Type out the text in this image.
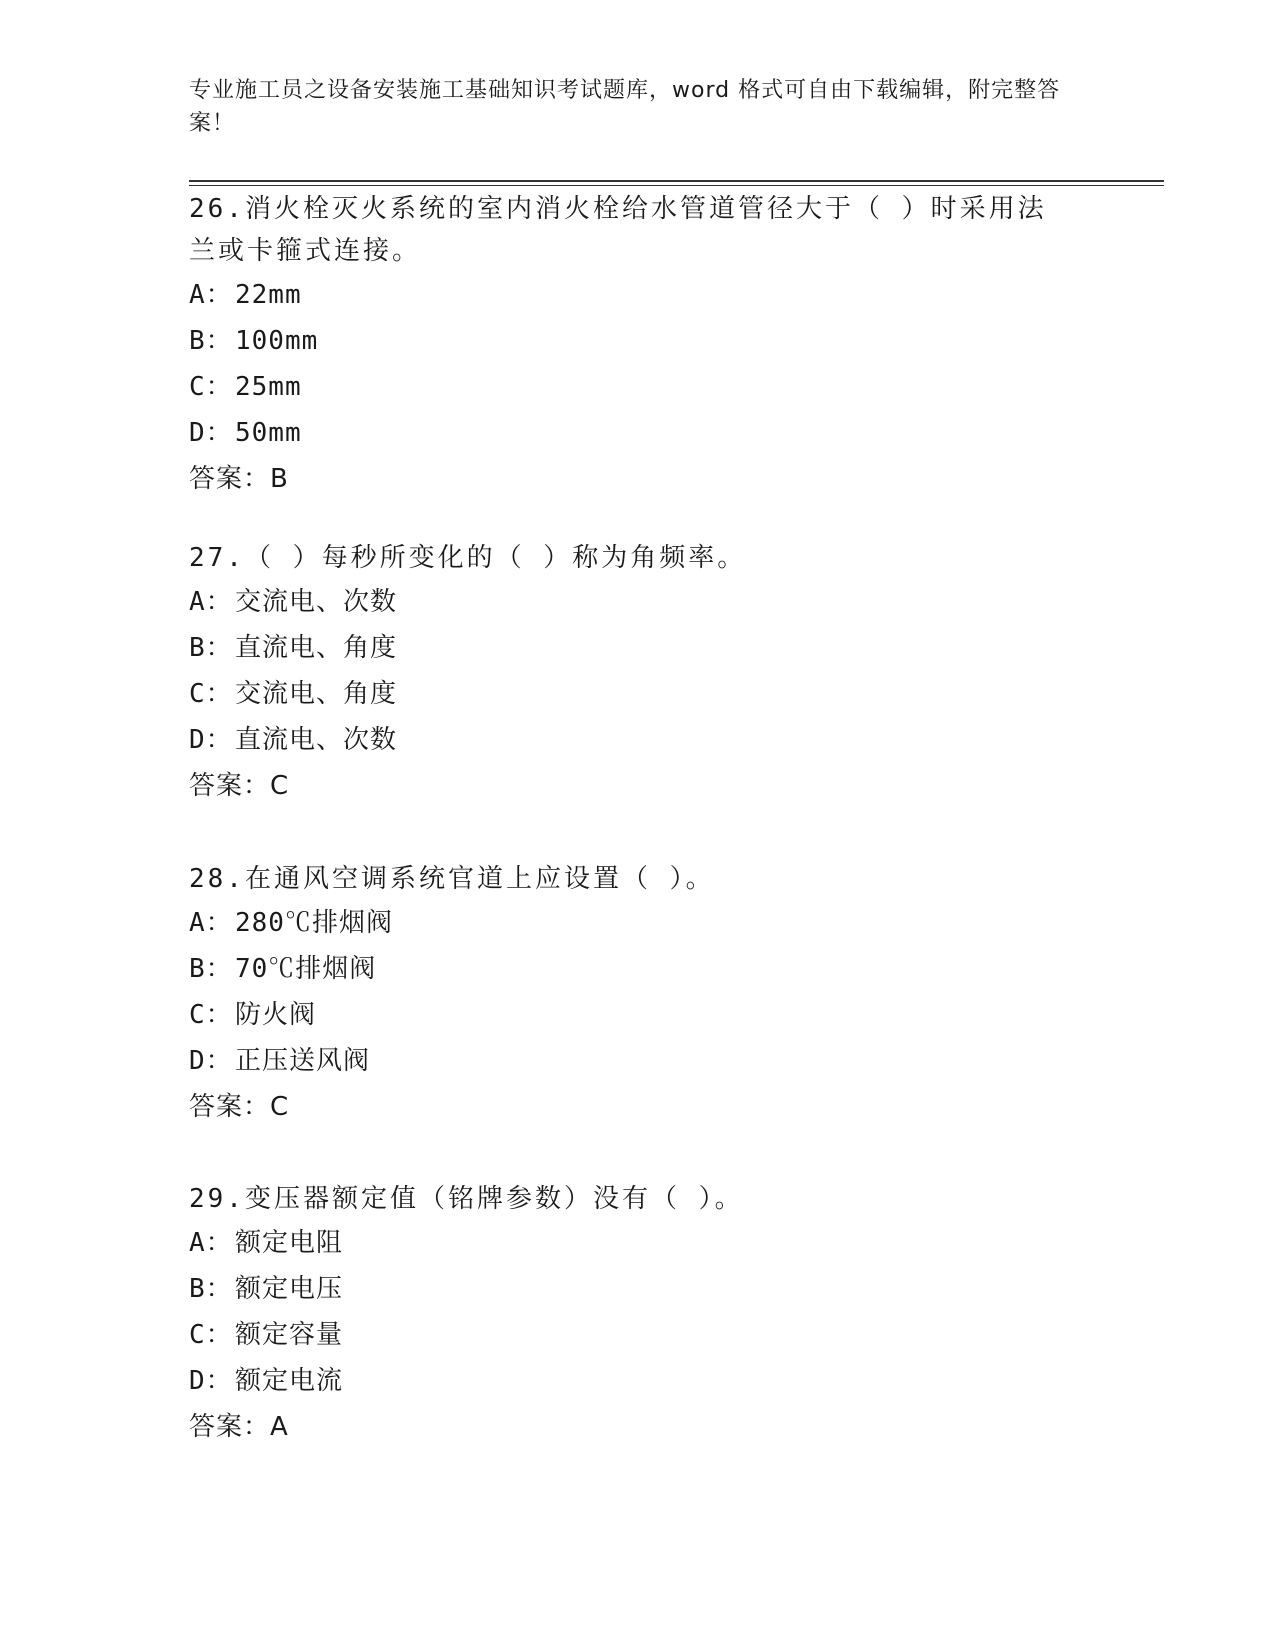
专业施工员之设备安装施工基础知识考试题库，word 格式可自由下载编辑，附完整答案！

26.消火栓灭火系统的室内消火栓给水管道管径大于（ ）时采用法兰或卡箍式连接。

A：22mm

B：100mm

C：25mm

D：50mm

答案：B

27.（ ）每秒所变化的（ ）称为角频率。

A：交流电、次数

B：直流电、角度

C：交流电、角度

D：直流电、次数

答案：C

28.在通风空调系统官道上应设置（ ）。

A：280℃排烟阀

B：70℃排烟阀

C：防火阀

D：正压送风阀

答案：C

29.变压器额定值（铭牌参数）没有（ ）。

A：额定电阻

B：额定电压

C：额定容量

D：额定电流

答案：A
